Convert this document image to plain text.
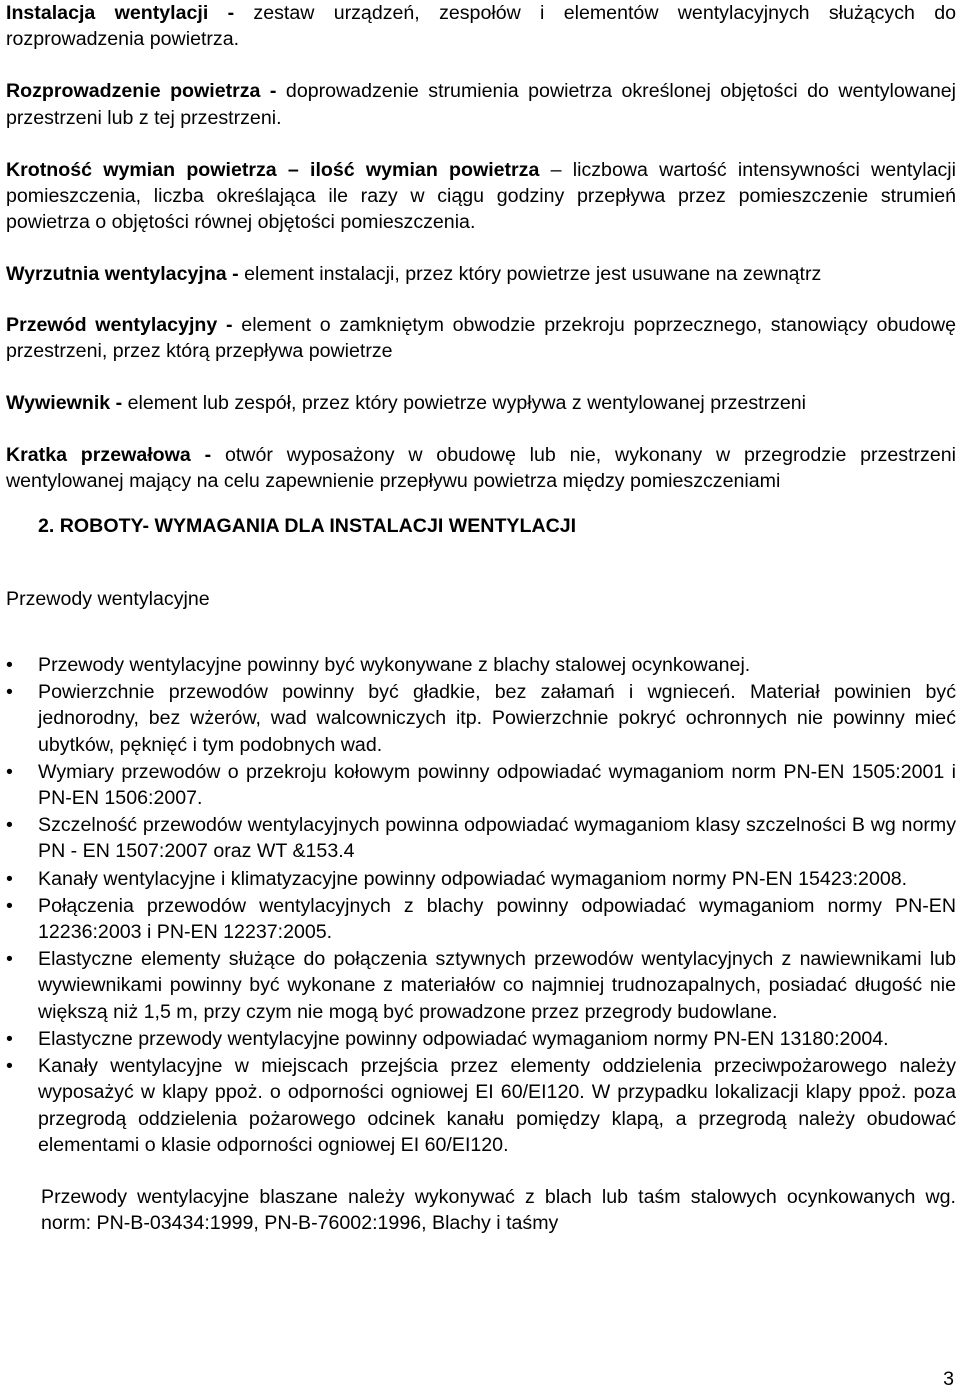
Instalacja wentylacji - zestaw urządzeń, zespołów i elementów wentylacyjnych służących do rozprowadzenia powietrza.

Rozprowadzenie powietrza - doprowadzenie strumienia powietrza określonej objętości do wentylowanej przestrzeni lub z tej przestrzeni.

Krotność wymian powietrza – ilość wymian powietrza – liczbowa wartość intensywności wentylacji pomieszczenia, liczba określająca ile razy w ciągu godziny przepływa przez pomieszczenie strumień powietrza o objętości równej objętości pomieszczenia.

Wyrzutnia wentylacyjna - element instalacji, przez który powietrze jest usuwane na zewnątrz

Przewód wentylacyjny - element o zamkniętym obwodzie przekroju poprzecznego, stanowiący obudowę przestrzeni, przez którą przepływa powietrze

Wywiewnik - element lub zespół, przez który powietrze wypływa z wentylowanej przestrzeni

Kratka przewałowa - otwór wyposażony w obudowę lub nie, wykonany w przegrodzie przestrzeni wentylowanej mający na celu zapewnienie przepływu powietrza między pomieszczeniami

2. ROBOTY- WYMAGANIA DLA INSTALACJI WENTYLACJI

Przewody wentylacyjne

•	Przewody wentylacyjne powinny być wykonywane z blachy stalowej ocynkowanej.
•	Powierzchnie przewodów powinny być gładkie, bez załamań i wgnieceń. Materiał powinien być jednorodny, bez wżerów, wad walcowniczych itp. Powierzchnie pokryć ochronnych nie powinny mieć ubytków, pęknięć i tym podobnych wad.
•	Wymiary przewodów o przekroju kołowym powinny odpowiadać wymaganiom norm PN-EN 1505:2001 i PN-EN 1506:2007.
•	Szczelność przewodów wentylacyjnych powinna odpowiadać wymaganiom klasy szczelności B wg normy PN - EN 1507:2007 oraz WT &153.4
•	Kanały wentylacyjne i klimatyzacyjne powinny odpowiadać wymaganiom normy PN-EN 15423:2008.
•	Połączenia przewodów wentylacyjnych z blachy powinny odpowiadać wymaganiom normy PN-EN 12236:2003 i PN-EN 12237:2005.
•	Elastyczne elementy służące do połączenia sztywnych przewodów wentylacyjnych z nawiewnikami lub wywiewnikami powinny być wykonane z materiałów co najmniej trudnozapalnych, posiadać długość nie większą niż 1,5 m, przy czym nie mogą być prowadzone przez przegrody budowlane.
•	Elastyczne przewody wentylacyjne powinny odpowiadać wymaganiom normy PN-EN 13180:2004.
•	Kanały wentylacyjne w miejscach przejścia przez elementy oddzielenia przeciwpożarowego należy wyposażyć w klapy ppoż. o odporności ogniowej EI 60/EI120. W przypadku lokalizacji klapy ppoż. poza przegrodą oddzielenia pożarowego odcinek kanału pomiędzy klapą, a przegrodą należy obudować elementami o klasie odporności ogniowej EI 60/EI120.

Przewody wentylacyjne blaszane należy wykonywać z blach lub taśm stalowych ocynkowanych wg. norm: PN-B-03434:1999, PN-B-76002:1996, Blachy i taśmy

3
